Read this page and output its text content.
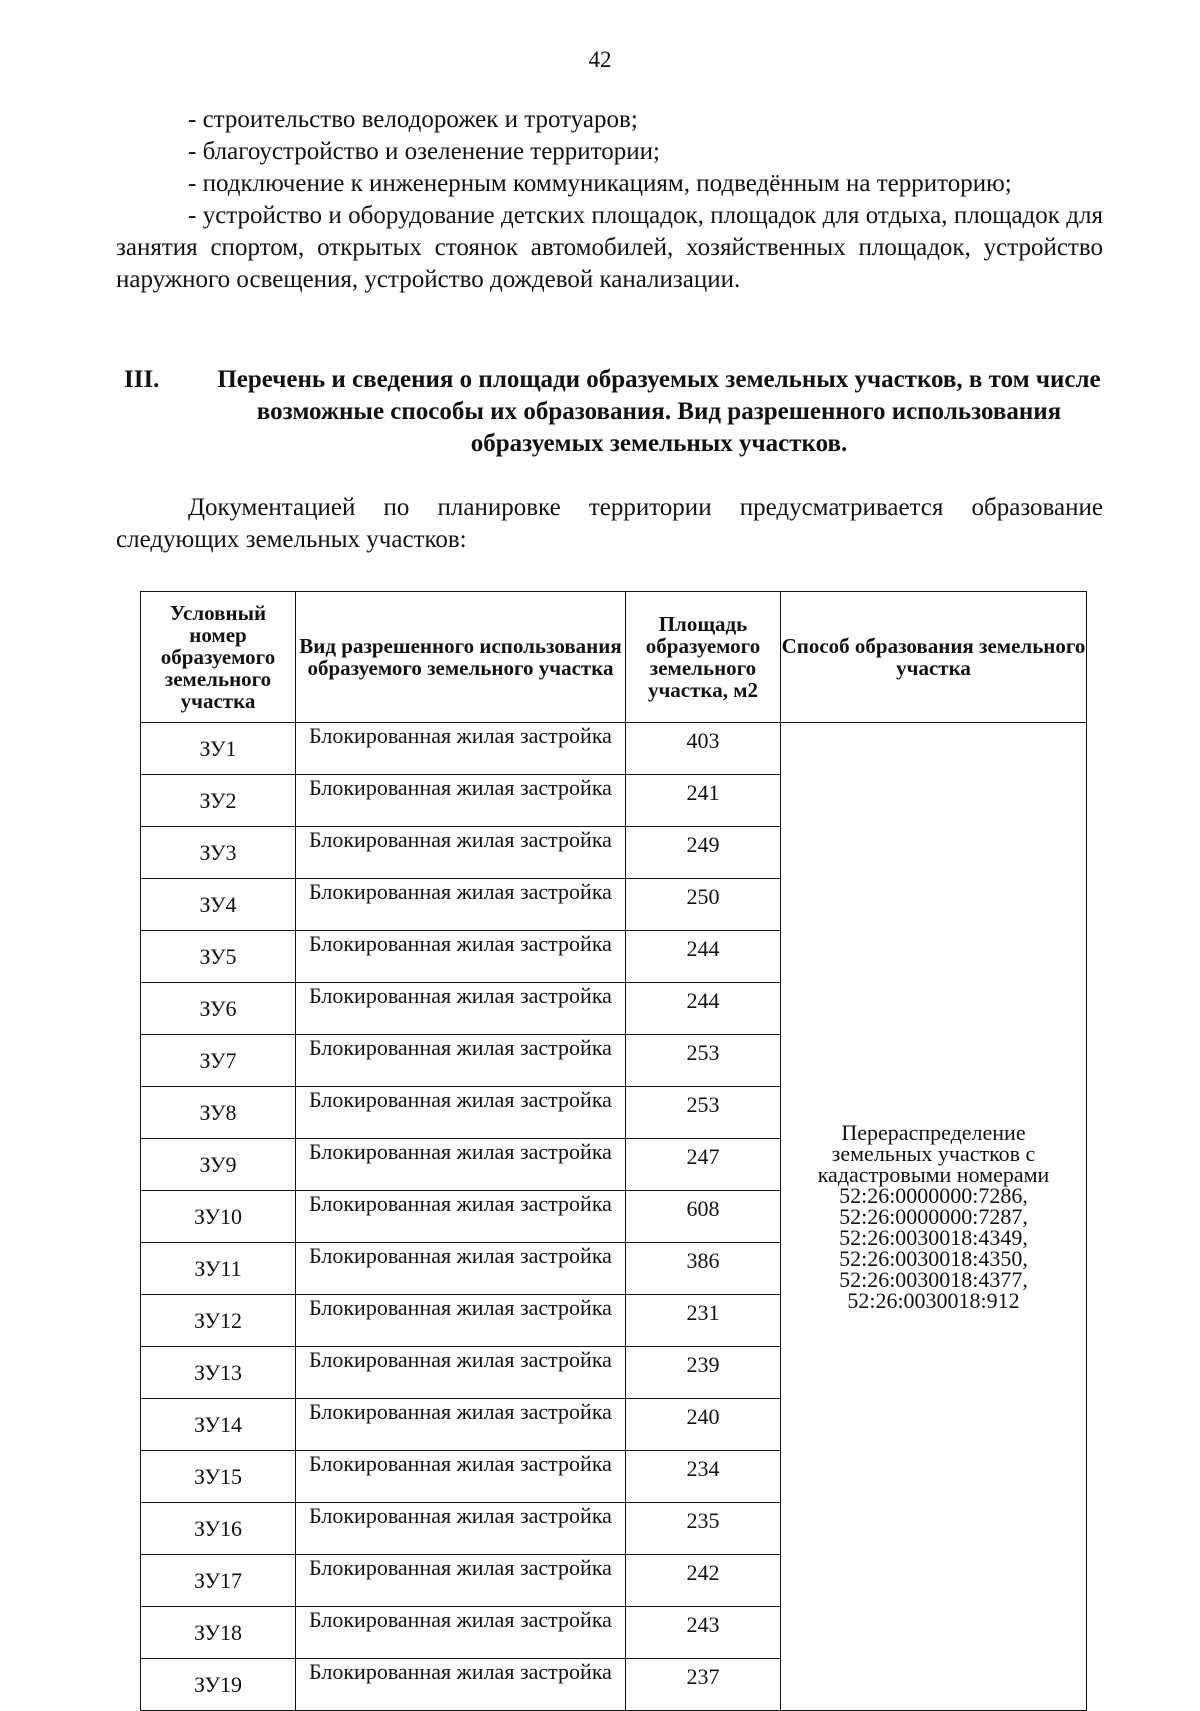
42

- строительство велодорожек и тротуаров;

- благоустройство и озеленение территории;

- подключение к инженерным коммуникациям, подведённым на территорию;

- устройство и оборудование детских площадок, площадок для отдыха, площадок для занятия спортом, открытых стоянок автомобилей, хозяйственных площадок, устройство наружного освещения, устройство дождевой канализации.

III. Перечень и сведения о площади образуемых земельных участков, в том числе возможные способы их образования. Вид разрешенного использования образуемых земельных участков.

Документацией по планировке территории предусматривается образование следующих земельных участков:

Условный номер образуемого земельного участка	Вид разрешенного использования образуемого земельного участка	Площадь образуемого земельного участка, м2	Способ образования земельного участка
ЗУ1	Блокированная жилая застройка	403	Перераспределение земельных участков с кадастровыми номерами 52:26:0000000:7286, 52:26:0000000:7287, 52:26:0030018:4349, 52:26:0030018:4350, 52:26:0030018:4377, 52:26:0030018:912

ЗУ2	Блокированная жилая застройка	241	
ЗУ3	Блокированная жилая застройка	249	
ЗУ4	Блокированная жилая застройка	250	
ЗУ5	Блокированная жилая застройка	244	
ЗУ6	Блокированная жилая застройка	244	
ЗУ7	Блокированная жилая застройка	253	
ЗУ8	Блокированная жилая застройка	253	
ЗУ9	Блокированная жилая застройка	247	
ЗУ10	Блокированная жилая застройка	608	
ЗУ11	Блокированная жилая застройка	386	
ЗУ12	Блокированная жилая застройка	231	
ЗУ13	Блокированная жилая застройка	239	
ЗУ14	Блокированная жилая застройка	240	
ЗУ15	Блокированная жилая застройка	234	
ЗУ16	Блокированная жилая застройка	235	
ЗУ17	Блокированная жилая застройка	242	
ЗУ18	Блокированная жилая застройка	243	
ЗУ19	Блокированная жилая застройка	237	
